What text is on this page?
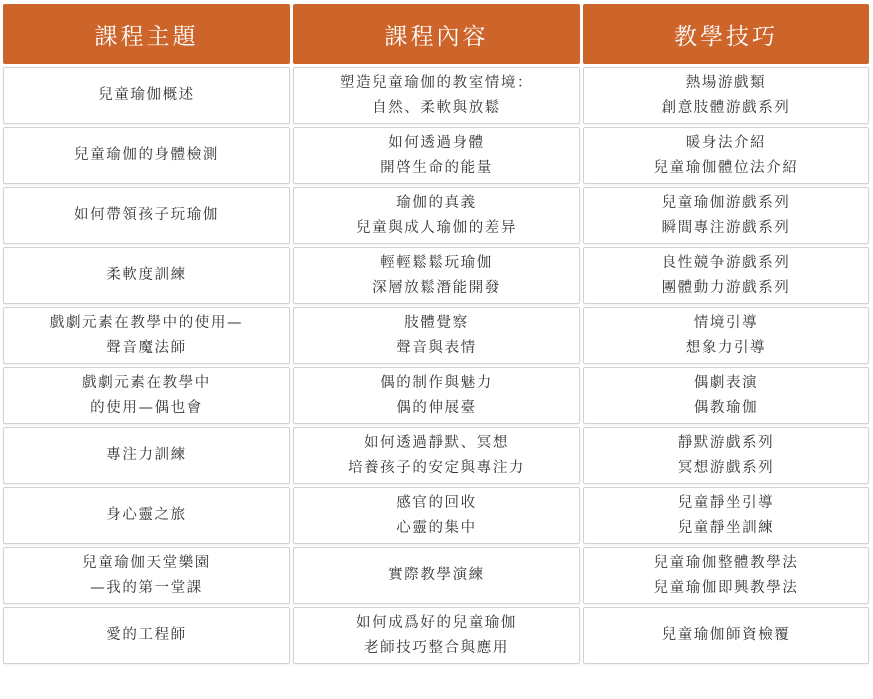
課程主題	課程內容	教學技巧
兒童瑜伽概述
塑造兒童瑜伽的教室情境：
自然、柔軟與放鬆
熱場游戲類
創意肢體游戲系列
兒童瑜伽的身體檢測
如何透過身體
開啓生命的能量
暖身法介紹
兒童瑜伽體位法介紹
如何帶領孩子玩瑜伽
瑜伽的真義
兒童與成人瑜伽的差异
兒童瑜伽游戲系列
瞬間專注游戲系列
柔軟度訓練
輕輕鬆鬆玩瑜伽
深層放鬆潛能開發
良性競争游戲系列
團體動力游戲系列
戲劇元素在教學中的使用—
聲音魔法師
肢體覺察
聲音與表情
情境引導
想象力引導
戲劇元素在教學中
的使用—偶也會
偶的制作與魅力
偶的伸展臺
偶劇表演
偶教瑜伽
專注力訓練
如何透過靜默、冥想
培養孩子的安定與專注力
靜默游戲系列
冥想游戲系列
身心靈之旅
感官的回收
心靈的集中
兒童靜坐引導
兒童靜坐訓練
兒童瑜伽天堂樂園
—我的第一堂課
實際教學演練
兒童瑜伽整體教學法
兒童瑜伽即興教學法
愛的工程師
如何成爲好的兒童瑜伽
老師技巧整合與應用
兒童瑜伽師資檢覆
